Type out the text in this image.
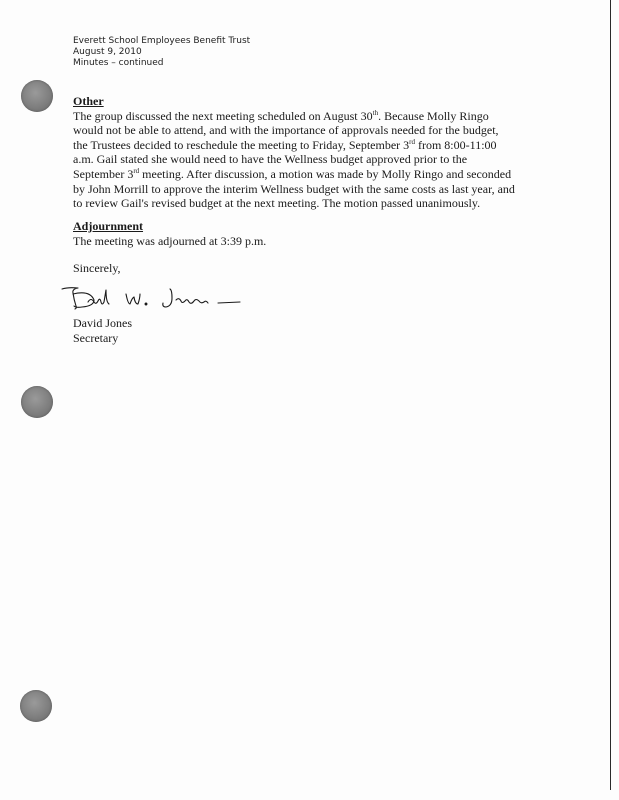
Everett School Employees Benefit Trust
August 9, 2010
Minutes – continued
Other
The group discussed the next meeting scheduled on August 30th. Because Molly Ringo
would not be able to attend, and with the importance of approvals needed for the budget,
the Trustees decided to reschedule the meeting to Friday, September 3rd from 8:00-11:00
a.m. Gail stated she would need to have the Wellness budget approved prior to the
September 3rd meeting. After discussion, a motion was made by Molly Ringo and seconded
by John Morrill to approve the interim Wellness budget with the same costs as last year, and
to review Gail's revised budget at the next meeting. The motion passed unanimously.
Adjournment
The meeting was adjourned at 3:39 p.m.
Sincerely,
David Jones
Secretary
